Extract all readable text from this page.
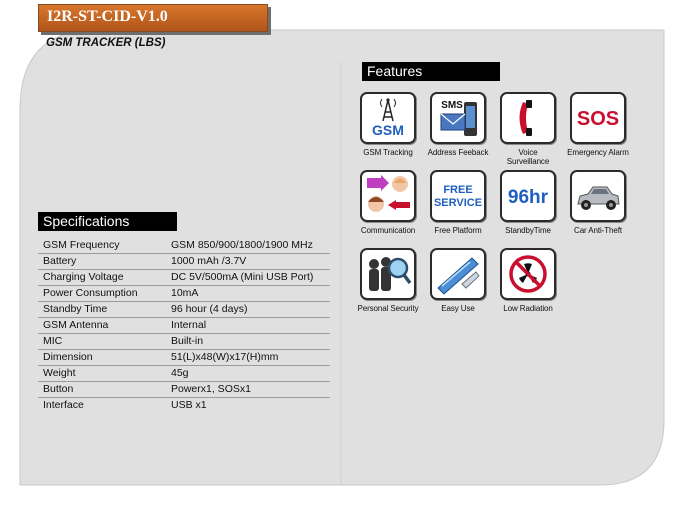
I2R-ST-CID-V1.0
GSM TRACKER (LBS)
Specifications
GSM Frequency	GSM 850/900/1800/1900 MHz
Battery	1000 mAh /3.7V
Charging Voltage	DC 5V/500mA (Mini USB Port)
Power Consumption	10mA
Standby Time	96 hour (4 days)
GSM Antenna	Internal
MIC	Built-in
Dimension	51(L)x48(W)x17(H)mm
Weight	45g
Button	Powerx1, SOSx1
Interface	USB x1
Features
GSM
GSM Tracking
SMS
Address Feeback	Voice
Surveillance
SOS
Emergency Alarm
Communication
FREE
SERVICE
Free Platform
96hr
StandbyTime	Car Anti-Theft
Personal Security	Easy Use	Low Radiation
